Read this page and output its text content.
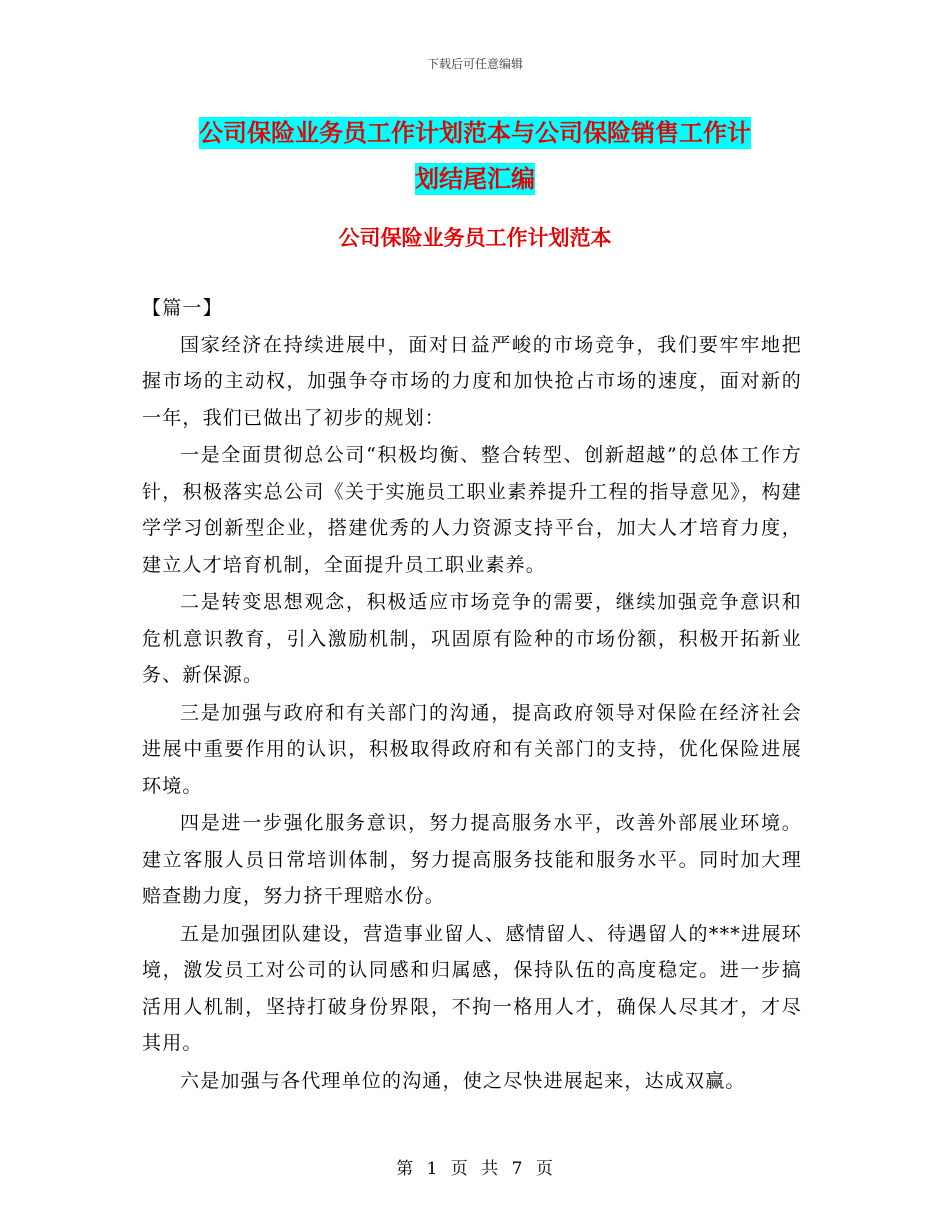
下载后可任意编辑
公司保险业务员工作计划范本与公司保险销售工作计
划结尾汇编
公司保险业务员工作计划范本

【篇一】

国家经济在持续进展中，面对日益严峻的市场竞争，我们要牢牢地把握市场的主动权，加强争夺市场的力度和加快抢占市场的速度，面对新的一年，我们已做出了初步的规划：

一是全面贯彻总公司“积极均衡、整合转型、创新超越”的总体工作方针，积极落实总公司《关于实施员工职业素养提升工程的指导意见》，构建学学习创新型企业，搭建优秀的人力资源支持平台，加大人才培育力度，建立人才培育机制，全面提升员工职业素养。

二是转变思想观念，积极适应市场竞争的需要，继续加强竞争意识和危机意识教育，引入激励机制，巩固原有险种的市场份额，积极开拓新业务、新保源。

三是加强与政府和有关部门的沟通，提高政府领导对保险在经济社会进展中重要作用的认识，积极取得政府和有关部门的支持，优化保险进展环境。

四是进一步强化服务意识，努力提高服务水平，改善外部展业环境。建立客服人员日常培训体制，努力提高服务技能和服务水平。同时加大理赔查勘力度，努力挤干理赔水份。

五是加强团队建设，营造事业留人、感情留人、待遇留人的***进展环境，激发员工对公司的认同感和归属感，保持队伍的高度稳定。进一步搞活用人机制，坚持打破身份界限，不拘一格用人才，确保人尽其才，才尽其用。

六是加强与各代理单位的沟通，使之尽快进展起来，达成双赢。

第 1 页 共 7 页
